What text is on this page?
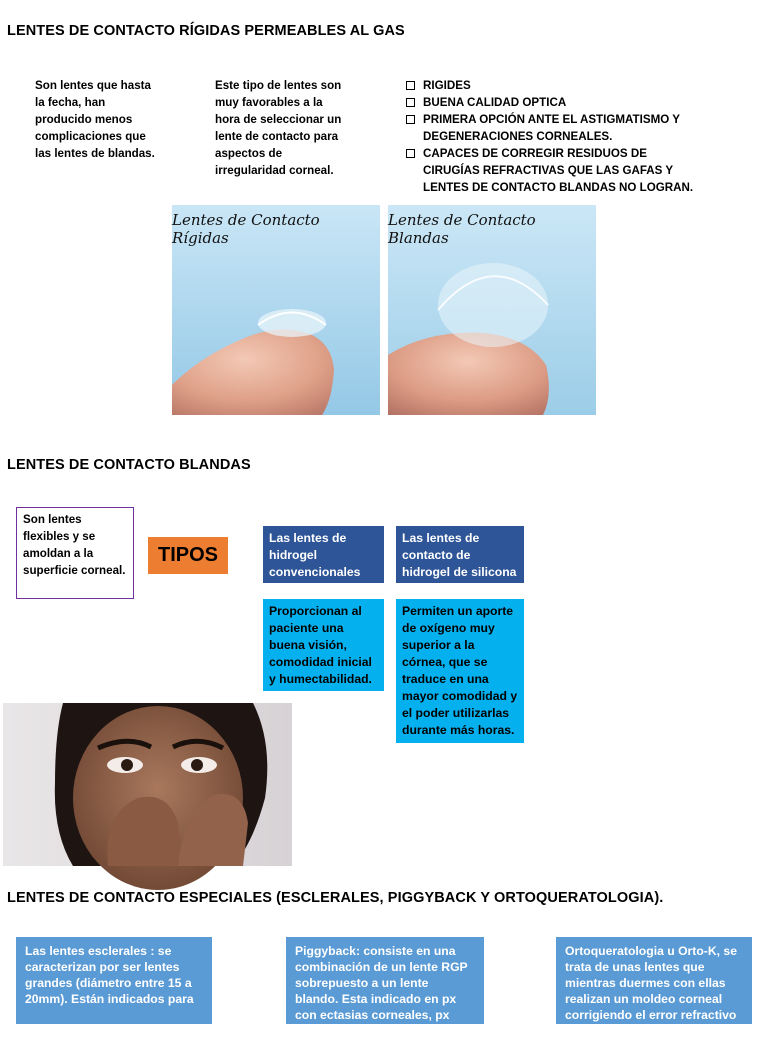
LENTES DE CONTACTO RÍGIDAS PERMEABLES AL GAS
Son lentes que hasta
la fecha, han
producido menos
complicaciones que
las lentes de blandas.
Este tipo de lentes son
muy favorables a la
hora de seleccionar un
lente de contacto para
aspectos de
irregularidad corneal.
RIGIDES
BUENA CALIDAD OPTICA
PRIMERA OPCIÓN ANTE EL ASTIGMATISMO Y DEGENERACIONES CORNEALES.
CAPACES DE CORREGIR RESIDUOS DE CIRUGÍAS REFRACTIVAS QUE LAS GAFAS Y LENTES DE CONTACTO BLANDAS NO LOGRAN.
Lentes de Contacto Rígidas
Lentes de Contacto Blandas
LENTES DE CONTACTO BLANDAS
Son lentes flexibles y se amoldan a la superficie corneal.
TIPOS
Las lentes de hidrogel convencionales
Las lentes de contacto de hidrogel de silicona
Proporcionan al paciente una buena visión, comodidad inicial y humectabilidad.
Permiten un aporte de oxígeno muy superior a la córnea, que se traduce en una mayor comodidad y el poder utilizarlas durante más horas.
LENTES DE CONTACTO ESPECIALES (ESCLERALES, PIGGYBACK Y ORTOQUERATOLOGIA).
Las lentes esclerales : se caracterizan por ser lentes grandes (diámetro entre 15 a 20mm). Están indicados para
Piggyback: consiste en una combinación de un lente RGP sobrepuesto a un lente blando. Esta indicado en px con ectasias corneales, px post
Ortoqueratologia u Orto-K, se trata de unas lentes que mientras duermes con ellas realizan un moldeo corneal corrigiendo el error refractivo
